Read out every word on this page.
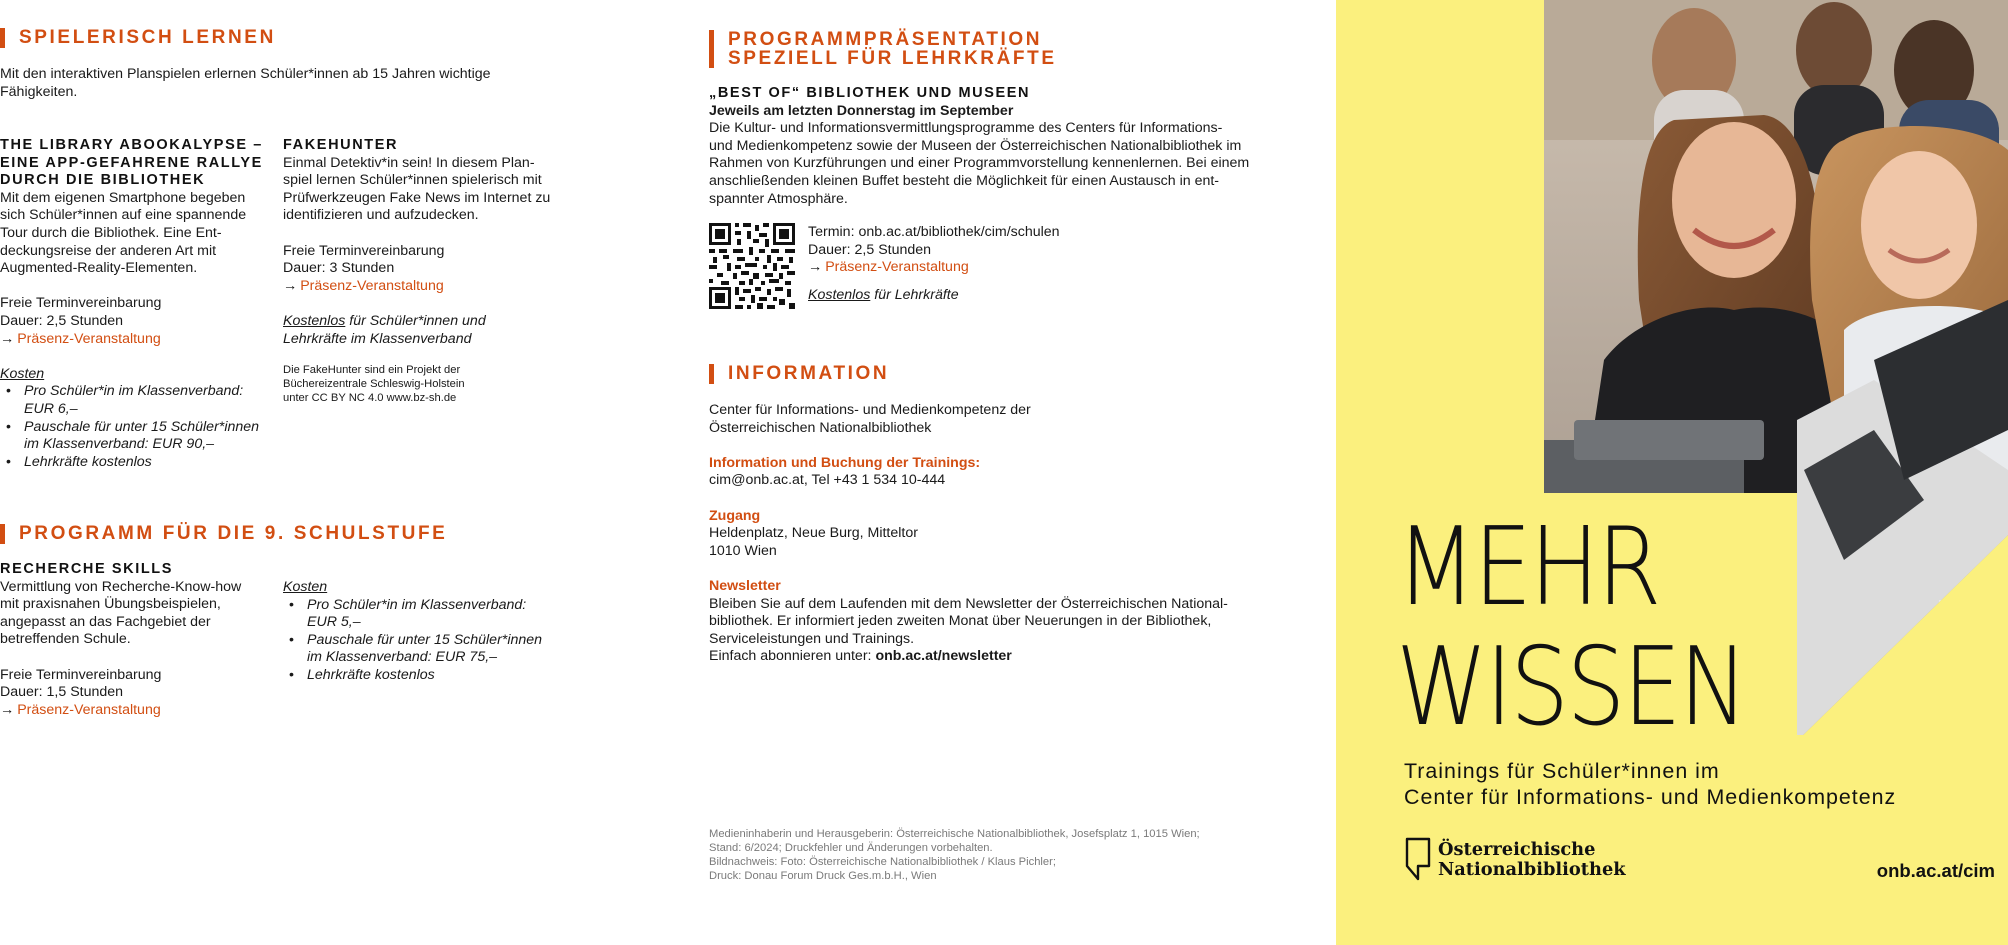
SPIELERISCH LERNEN
Mit den interaktiven Planspielen erlernen Schüler*innen ab 15 Jahren wichtige
Fähigkeiten.
THE LIBRARY ABOOKALYPSE –
EINE APP-GEFAHRENE RALLYE
DURCH DIE BIBLIOTHEK
Mit dem eigenen Smartphone begeben
sich Schüler*innen auf eine spannende
Tour durch die Bibliothek. Eine Ent-
deckungsreise der anderen Art mit
Augmented-Reality-Elementen.
Freie Terminvereinbarung
Dauer: 2,5 Stunden
→ Präsenz-Veranstaltung
Kosten
• Pro Schüler*in im Klassenverband:
EUR 6,–
• Pauschale für unter 15 Schüler*innen
im Klassenverband: EUR 90,–
• Lehrkräfte kostenlos
FAKEHUNTER
Einmal Detektiv*in sein! In diesem Plan-
spiel lernen Schüler*innen spielerisch mit
Prüfwerkzeugen Fake News im Internet zu
identifizieren und aufzudecken.
Freie Terminvereinbarung
Dauer: 3 Stunden
→ Präsenz-Veranstaltung
Kostenlos für Schüler*innen und
Lehrkräfte im Klassenverband
Die FakeHunter sind ein Projekt der
Büchereizentrale Schleswig-Holstein
unter CC BY NC 4.0 www.bz-sh.de
PROGRAMM FÜR DIE 9. SCHULSTUFE
RECHERCHE SKILLS
Vermittlung von Recherche-Know-how
mit praxisnahen Übungsbeispielen,
angepasst an das Fachgebiet der
betreffenden Schule.
Freie Terminvereinbarung
Dauer: 1,5 Stunden
→ Präsenz-Veranstaltung
Kosten
• Pro Schüler*in im Klassenverband:
EUR 5,–
• Pauschale für unter 15 Schüler*innen
im Klassenverband: EUR 75,–
• Lehrkräfte kostenlos
PROGRAMMPRÄSENTATION
SPEZIELL FÜR LEHRKRÄFTE
„BEST OF“ BIBLIOTHEK UND MUSEEN
Jeweils am letzten Donnerstag im September
Die Kultur- und Informationsvermittlungsprogramme des Centers für Informations-
und Medienkompetenz sowie der Museen der Österreichischen Nationalbibliothek im
Rahmen von Kurzführungen und einer Programmvorstellung kennenlernen. Bei einem
anschließenden kleinen Buffet besteht die Möglichkeit für einen Austausch in ent-
spannter Atmosphäre.
Termin: onb.ac.at/bibliothek/cim/schulen
Dauer: 2,5 Stunden
→ Präsenz-Veranstaltung
Kostenlos für Lehrkräfte
INFORMATION
Center für Informations- und Medienkompetenz der
Österreichischen Nationalbibliothek
Information und Buchung der Trainings:
cim@onb.ac.at, Tel +43 1 534 10-444
Zugang
Heldenplatz, Neue Burg, Mitteltor
1010 Wien
Newsletter
Bleiben Sie auf dem Laufenden mit dem Newsletter der Österreichischen National-
bibliothek. Er informiert jeden zweiten Monat über Neuerungen in der Bibliothek,
Serviceleistungen und Trainings.
Einfach abonnieren unter: onb.ac.at/newsletter
Medieninhaberin und Herausgeberin: Österreichische Nationalbibliothek, Josefsplatz 1, 1015 Wien;
Stand: 6/2024; Druckfehler und Änderungen vorbehalten.
Bildnachweis: Foto: Österreichische Nationalbibliothek / Klaus Pichler;
Druck: Donau Forum Druck Ges.m.b.H., Wien
MEHR
WISSEN
Trainings für Schüler*innen im
Center für Informations- und Medienkompetenz
Österreichische
Nationalbibliothek	onb.ac.at/cim
